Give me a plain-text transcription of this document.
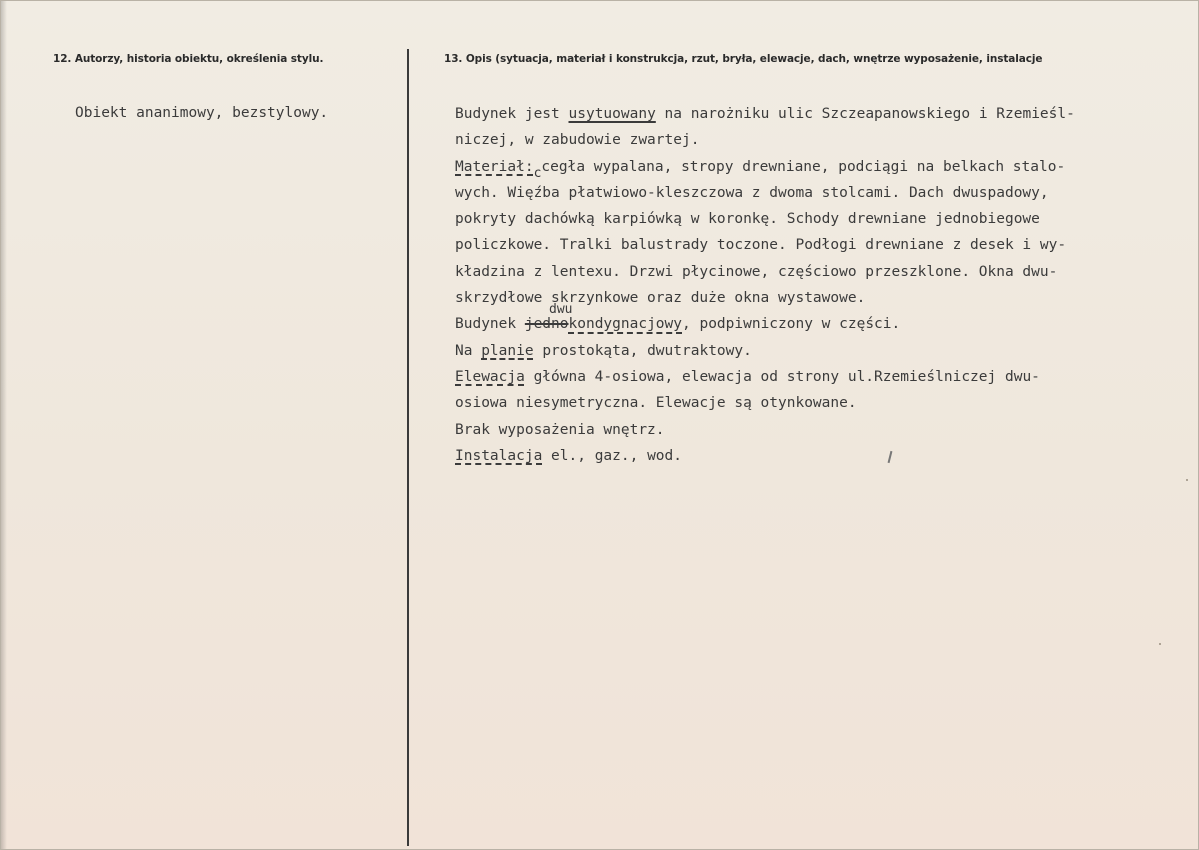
12. Autorzy, historia obiektu, określenia stylu.	13. Opis (sytuacja, materiał i konstrukcja, rzut, bryła, elewacje, dach, wnętrze wyposażenie, instalacje
Obiekt ananimowy, bezstylowy.	Budynek jest usytuowany na narożniku ulic Szczeapanowskiego i Rzemieśl-
niczej, w zabudowie zwartej.
Materiał:ccegła wypalana, stropy drewniane, podciągi na belkach stalo-
wych. Więźba płatwiowo-kleszczowa z dwoma stolcami. Dach dwuspadowy,
pokryty dachówką karpiówką w koronkę. Schody drewniane jednobiegowe
policzkowe. Tralki balustrady toczone. Podłogi drewniane z desek i wy-
kładzina z lentexu. Drzwi płycinowe, częściowo przeszklone. Okna dwu-
skrzydłowe skrzynkowe oraz duże okna wystawowe.
dwu
Budynek jednokondygnacjowy, podpiwniczony w części.
Na planie prostokąta, dwutraktowy.
Elewacja główna 4-osiowa, elewacja od strony ul.Rzemieślniczej dwu-
osiowa niesymetryczna. Elewacje są otynkowane.
Brak wyposażenia wnętrz.
Instalacja el., gaz., wod.
